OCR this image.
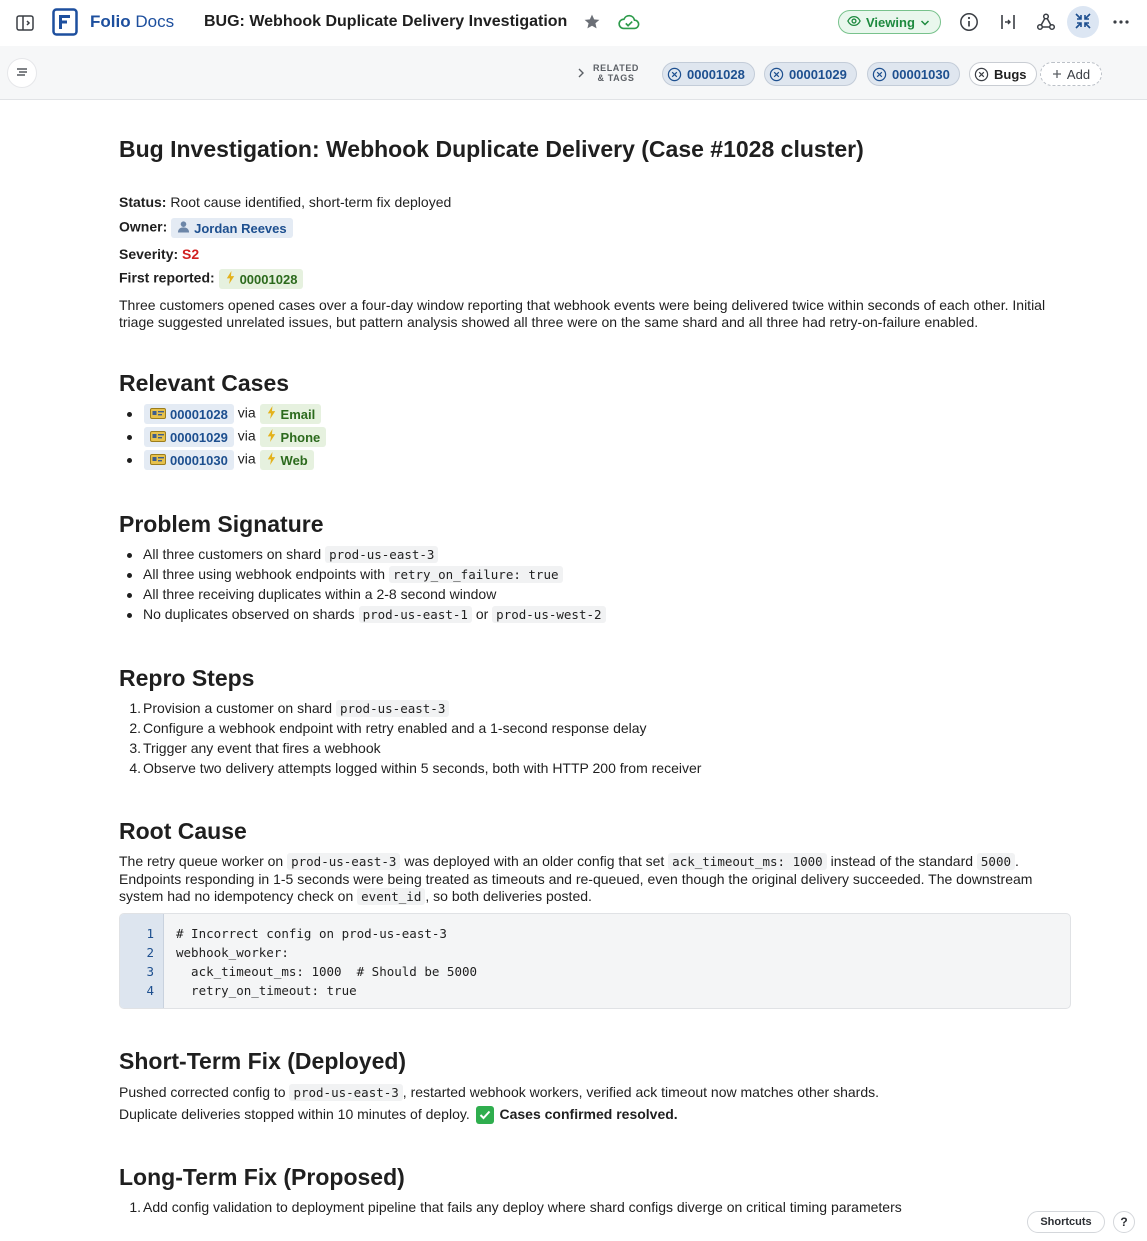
Folio Docs BUG: Webhook Duplicate Delivery Investigation	Viewing
RELATED
& TAGS	00001028	00001029	00001030	Bugs	Add
Bug Investigation: Webhook Duplicate Delivery (Case #1028 cluster)
Status: Root cause identified, short-term fix deployed
Owner: Jordan Reeves
Severity: S2
First reported: 00001028

Three customers opened cases over a four-day window reporting that webhook events were being delivered twice within seconds of each other. Initial triage suggested unrelated issues, but pattern analysis showed all three were on the same shard and all three had retry-on-failure enabled.

Relevant Cases
00001028 via Email
00001029 via Phone
00001030 via Web
Problem Signature
All three customers on shard prod-us-east-3
All three using webhook endpoints with retry_on_failure: true
All three receiving duplicates within a 2-8 second window
No duplicates observed on shards prod-us-east-1 or prod-us-west-2
Repro Steps
1. Provision a customer on shard prod-us-east-3
2. Configure a webhook endpoint with retry enabled and a 1-second response delay
3. Trigger any event that fires a webhook
4. Observe two delivery attempts logged within 5 seconds, both with HTTP 200 from receiver
Root Cause
The retry queue worker on prod-us-east-3 was deployed with an older config that set ack_timeout_ms: 1000 instead of the standard 5000 .
Endpoints responding in 1-5 seconds were being treated as timeouts and re-queued, even though the original delivery succeeded. The downstream
system had no idempotency check on event_id , so both deliveries posted.
1
2
3
4
# Incorrect config on prod-us-east-3
webhook_worker:
ack_timeout_ms: 1000  # Should be 5000
retry_on_timeout: true
Short-Term Fix (Deployed)
Pushed corrected config to prod-us-east-3 , restarted webhook workers, verified ack timeout now matches other shards.
Duplicate deliveries stopped within 10 minutes of deploy. Cases confirmed resolved.
Long-Term Fix (Proposed)
1. Add config validation to deployment pipeline that fails any deploy where shard configs diverge on critical timing parameters
Shortcuts	?
